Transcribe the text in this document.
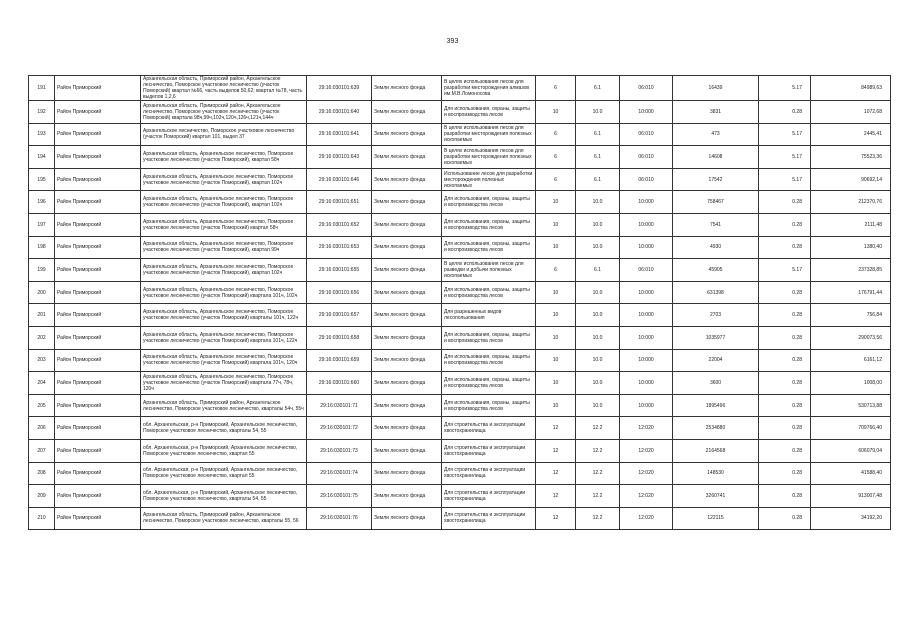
393
191	Район Приморский	Архангельская область, Приморский район, Архангельское лесничество, Поморское участковое лесничество (участок Поморский) квартал №66, часть выделов 50,62; квартал №78, часть выделов 1,2,6	29:16:030101:639	Земли лесного фонда	В целях использования лесов для разработки месторождения алмазов им.М.В.Ломоносова	6	6.1	06:010	16439	5.17	84989,63
192	Район Приморский	Архангельская область, Приморский район, Архангельское лесничество, Поморское участковое лесничество (участок Поморский) квартала 98ч,99ч,102ч,120ч,126ч,121ч,144ч	29:16:030101:640	Земли лесного фонда	Для использования, охраны, защиты и воспроизводства лесов	10	10.0	10:000	3831	0.28	1072,68
193	Район Приморский	Архангельское лесничество, Поморское участковое лесничество (участок Поморский) квартал 101, выдел 37	29:16:030101:641	Земли лесного фонда	В целях использования лесов для разработки месторождения полезных ископаемых	6	6.1	06:010	473	5.17	2445,41
194	Район Приморский	Архангельская область, Архангельское лесничество, Поморское участковое лесничество (участок Поморский), квартал 58ч	29:16:030101:643	Земли лесного фонда	В целях использования лесов для разработки месторождения полезных ископаемых	6	6.1	06:010	14608	5.17	75523,36
195	Район Приморский	Архангельская область, Архангельское лесничество, Поморское участковое лесничество (участок Поморский), квартал 102ч	29:16:030101:646	Земли лесного фонда	Использование лесов для разработки месторождения полезных ископаемых	6	6.1	06:010	17542	5.17	90692,14
196	Район Приморский	Архангельская область, Архангельское лесничество, Поморское участковое лесничество (участок Поморский), квартал 102ч	29:16:030101:651	Земли лесного фонда	Для использования, охраны, защиты и воспроизводства лесов	10	10.0	10:000	758467	0.28	212370,76
197	Район Приморский	Архангельская область, Архангельское лесничество, Поморское участковое лесничество (участок Поморский) квартал 58ч	29:16:030101:652	Земли лесного фонда	Для использования, охраны, защиты и воспроизводства лесов	10	10.0	10:000	7541	0.28	2111,48
198	Район Приморский	Архангельская область, Архангельское лесничество, Поморское участковое лесничество (участок Поморский), квартал 99ч	29:16:030101:653	Земли лесного фонда	Для использования, охраны, защиты и воспроизводства лесов	10	10.0	10:000	4930	0.28	1380,40
199	Район Приморский	Архангельская область, Архангельское лесничество, Поморское участковое лесничество (участок Поморский), квартал 102ч	29:16:030101:655	Земли лесного фонда	В целях использования лесов для разведки и добычи полезных ископаемых	6	6.1	06:010	45905	5.17	237328,85
200	Район Приморский	Архангельская область, Архангельское лесничество, Поморское участковое лесничество (участок Поморский) квартала 101ч, 102ч	29:16:030101:656	Земли лесного фонда	Для использования, охраны, защиты и воспроизводства лесов	10	10.0	10:000	631398	0.28	176791,44
201	Район Приморский	Архангельская область, Архангельское лесничество, Поморское участковое лесничество (участок Поморский) кварталы 101ч, 122ч	29:16:030101:657	Земли лесного фонда	Для разрешенных видов лесопользования	10	10.0	10:000	2703	0.28	756,84
202	Район Приморский	Архангельская область, Архангельское лесничество, Поморское участковое лесничество (участок Поморский) квартала 101ч, 122ч	29:16:030101:658	Земли лесного фонда	Для использования, охраны, защиты и воспроизводства лесов	10	10.0	10:000	1035977	0.28	290073,56
203	Район Приморский	Архангельская область, Архангельское лесничество, Поморское участковое лесничество (участок Поморский) квартала 101ч, 120ч	29:16:030101:659	Земли лесного фонда	Для использования, охраны, защиты и воспроизводства лесов	10	10.0	10:000	22004	0.28	6161,12
204	Район Приморский	Архангельская область, Архангельское лесничество, Поморское участковое лесничество (участок Поморский) квартала 77ч, 78ч, 120ч	29:16:030101:660	Земли лесного фонда	Для использования, охраны, защиты и воспроизводства лесов	10	10.0	10:000	3600	0.28	1008,00
205	Район Приморский	Архангельская область, Приморский район, Архангельское лесничество, Поморское участковое лесничество, кварталы 54ч, 55ч	29:16:030101:71	Земли лесного фонда	Для использования, охраны, защиты и воспроизводства лесов	10	10.0	10:000	1895496	0.28	530713,88
206	Район Приморский	обл. Архангельская, р-н Приморский, Архангельское лесничество, Поморское участковое лесничество, кварталы 54, 55	29:16:030101:72	Земли лесного фонда	Для строительства и эксплуатации хвостохранилища	12	12.2	12:020	2534880	0.28	709766,40
207	Район Приморский	обл. Архангельская, р-н Приморский, Архангельское лесничество, Поморское участковое лесничество, квартал 55	29:16:030101:73	Земли лесного фонда	Для строительства и эксплуатации хвостохранилища	12	12.2	12:020	2164568	0.28	606079,04
208	Район Приморский	обл. Архангельская, р-н Приморский, Архангельское лесничество, Поморское участковое лесничество, квартал 55	29:16:030101:74	Земли лесного фонда	Для строительства и эксплуатации хвостохранилища	12	12.2	12:020	148530	0.28	41588,40
209	Район Приморский	обл. Архангельская, р-н Приморский, Архангельское лесничество, Поморское участковое лесничество, кварталы 54, 55	29:16:030101:75	Земли лесного фонда	Для строительства и эксплуатации хвостохранилища	12	12.2	12:020	3260741	0.28	913007,48
210	Район Приморский	Архангельская область, Приморский район, Архангельское лесничество, Поморское участковое лесничество, кварталы 55, 56	29:16:030101:76	Земли лесного фонда	Для строительства и эксплуатации хвостохранилища	12	12.2	12:020	122115	0.28	34192,20
